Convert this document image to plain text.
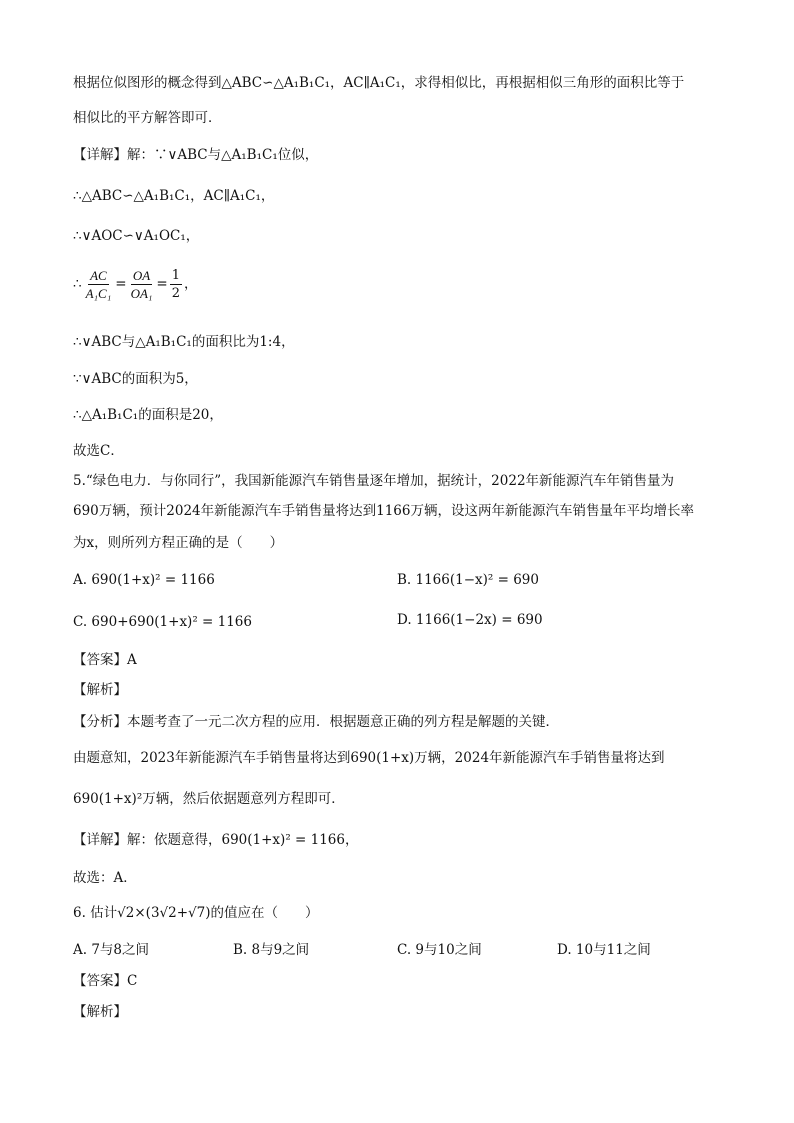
根据位似图形的概念得到△ABC∽△A₁B₁C₁，AC∥A₁C₁，求得相似比，再根据相似三角形的面积比等于
相似比的平方解答即可．
【详解】解：∵∨ABC与△A₁B₁C₁位似，
∴△ABC∽△A₁B₁C₁，AC∥A₁C₁，
∴∨AOC∽∨A₁OC₁，
∴ $\frac{AC}{\text{A₁C₁}} = \frac{OA}{\text{OA₁}} = \frac{1}{2}$ ，
∴∨ABC与△A₁B₁C₁的面积比为1:4，
∵∨ABC的面积为5，
∴△A₁B₁C₁的面积是20，
故选C．
5.“绿色电力．与你同行”，我国新能源汽车销售量逐年增加，据统计，2022年新能源汽车年销售量为
690万辆，预计2024年新能源汽车手销售量将达到1166万辆，设这两年新能源汽车销售量年平均增长率
为x，则所列方程正确的是（　　）
A. 690(1+x)² = 1166	B. 1166(1−x)² = 690
C. 690+690(1+x)² = 1166	D. 1166(1−2x) = 690
【答案】A
【解析】
【分析】本题考查了一元二次方程的应用．根据题意正确的列方程是解题的关键．
由题意知，2023年新能源汽车手销售量将达到690(1+x)万辆，2024年新能源汽车手销售量将达到
690(1+x)²万辆，然后依据题意列方程即可．
【详解】解：依题意得，690(1+x)² = 1166，
故选：A．
6. 估计√2×(3√2+√7)的值应在（　　）
A. 7与8之间	B. 8与9之间	C. 9与10之间	D. 10与11之间
【答案】C
【解析】
